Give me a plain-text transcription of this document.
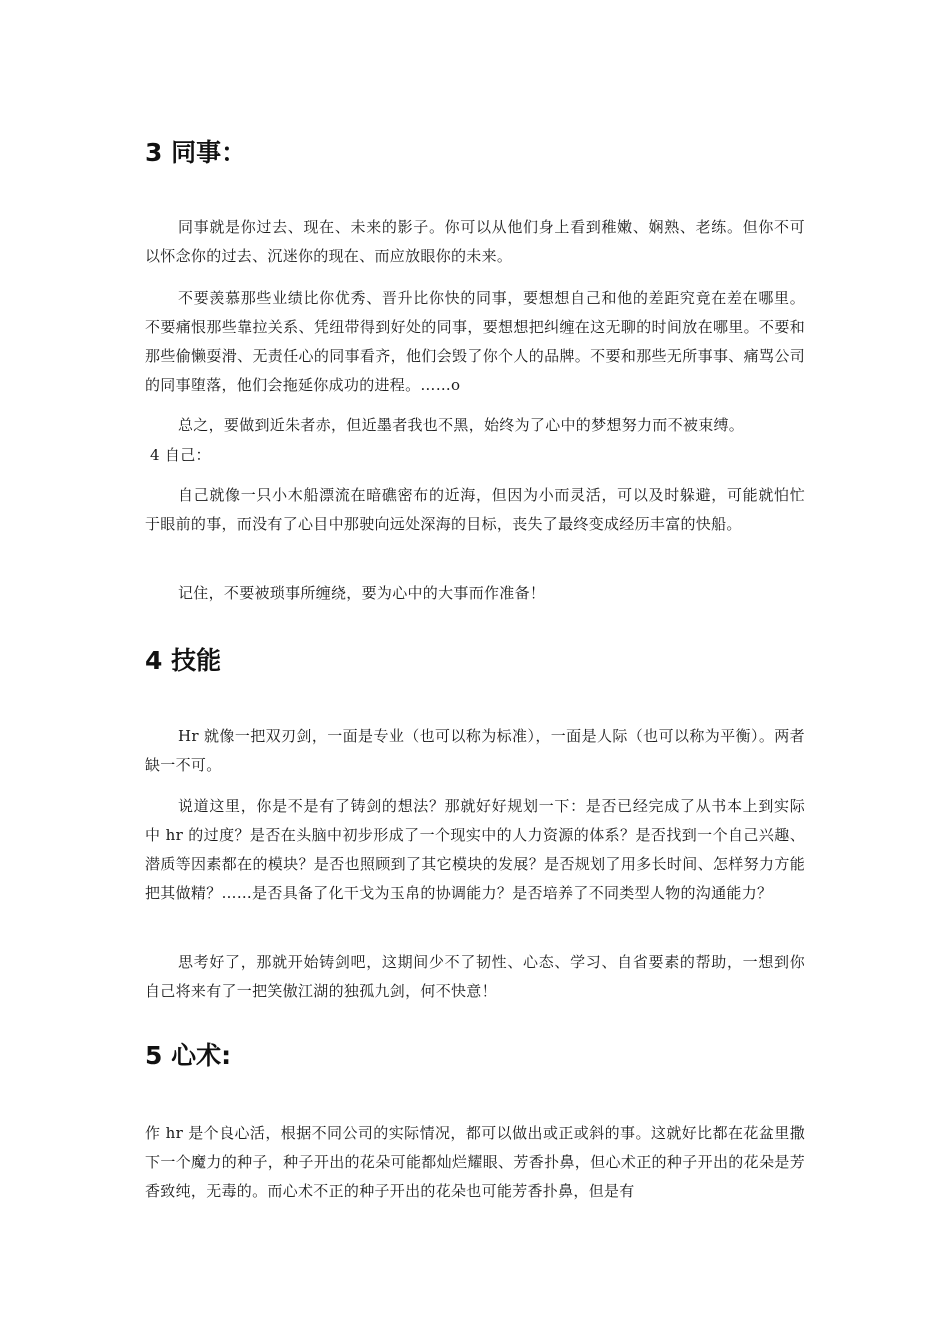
3 同事：

同事就是你过去、现在、未来的影子。你可以从他们身上看到稚嫩、娴熟、老练。但你不可以怀念你的过去、沉迷你的现在、而应放眼你的未来。

不要羡慕那些业绩比你优秀、晋升比你快的同事，要想想自己和他的差距究竟在差在哪里。不要痛恨那些靠拉关系、凭纽带得到好处的同事，要想想把纠缠在这无聊的时间放在哪里。不要和那些偷懒耍滑、无责任心的同事看齐，他们会毁了你个人的品牌。不要和那些无所事事、痛骂公司的同事堕落，他们会拖延你成功的进程。……o

总之，要做到近朱者赤，但近墨者我也不黑，始终为了心中的梦想努力而不被束缚。

4 自己：

自己就像一只小木船漂流在暗礁密布的近海，但因为小而灵活，可以及时躲避，可能就怕忙于眼前的事，而没有了心目中那驶向远处深海的目标，丧失了最终变成经历丰富的快船。

记住，不要被琐事所缠绕，要为心中的大事而作准备！

4 技能

Hr 就像一把双刃剑，一面是专业（也可以称为标准），一面是人际（也可以称为平衡）。两者缺一不可。

说道这里，你是不是有了铸剑的想法？那就好好规划一下：是否已经完成了从书本上到实际中 hr 的过度？是否在头脑中初步形成了一个现实中的人力资源的体系？是否找到一个自己兴趣、潜质等因素都在的模块？是否也照顾到了其它模块的发展？是否规划了用多长时间、怎样努力方能把其做精？……是否具备了化干戈为玉帛的协调能力？是否培养了不同类型人物的沟通能力？

思考好了，那就开始铸剑吧，这期间少不了韧性、心态、学习、自省要素的帮助，一想到你自己将来有了一把笑傲江湖的独孤九剑，何不快意！

5 心术:

作 hr 是个良心活，根据不同公司的实际情况，都可以做出或正或斜的事。这就好比都在花盆里撒下一个魔力的种子，种子开出的花朵可能都灿烂耀眼、芳香扑鼻，但心术正的种子开出的花朵是芳香致纯，无毒的。而心术不正的种子开出的花朵也可能芳香扑鼻，但是有
